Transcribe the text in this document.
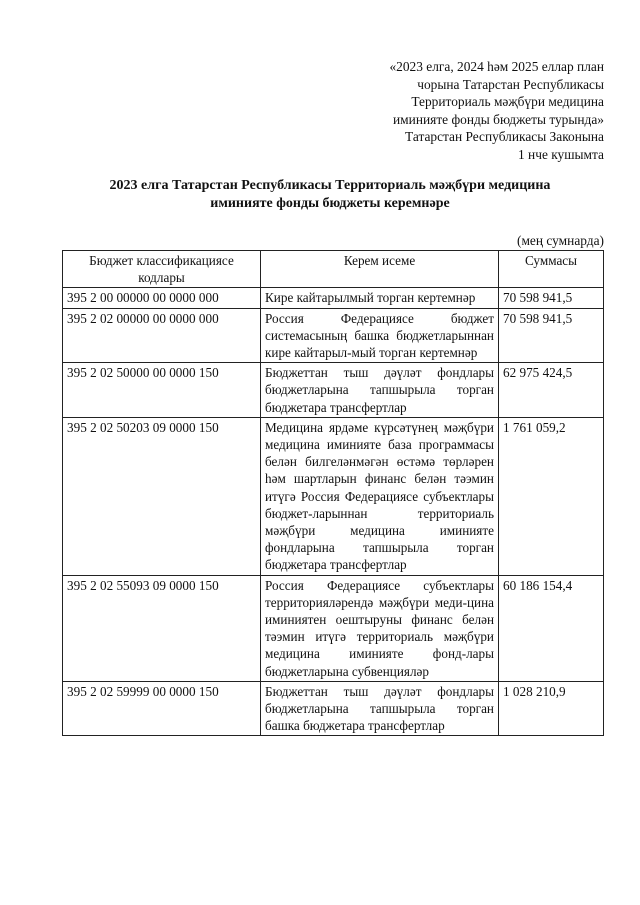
«2023 елга, 2024 һәм 2025 еллар план
чорына Татарстан Республикасы
Территориаль мәҗбүри медицина
иминияте фонды бюджеты турында»
Татарстан Республикасы Законына
1 нче кушымта
2023 елга Татарстан Республикасы Территориаль мәҗбүри медицина
иминияте фонды бюджеты керемнәре
(мең сумнарда)
Бюджет классификациясе кодлары	Керем исеме	Суммасы
395 2 00 00000 00 0000 000	Кире кайтарылмый торган кертемнәр	70 598 941,5
395 2 02 00000 00 0000 000	Россия Федерациясе бюджет системасының башка бюджетларыннан кире кайтарыл-мый торган кертемнәр	70 598 941,5
395 2 02 50000 00 0000 150	Бюджеттан тыш дәүләт фондлары бюджетларына тапшырыла торган бюджетара трансфертлар	62 975 424,5
395 2 02 50203 09 0000 150	Медицина ярдәме күрсәтүнең мәҗбүри медицина иминияте база программасы белән билгеләнмәгән өстәмә төрләрен һәм шартларын финанс белән тәэмин итүгә Россия Федерациясе субъектлары бюджет-ларыннан территориаль мәҗбүри медицина иминияте фондларына тапшырыла торган бюджетара трансфертлар	1 761 059,2
395 2 02 55093 09 0000 150	Россия Федерациясе субъектлары территорияләрендә мәҗбүри меди-цина иминиятен оештыруны финанс белән тәэмин итүгә территориаль мәҗбүри медицина иминияте фонд-лары бюджетларына субвенцияләр	60 186 154,4
395 2 02 59999 00 0000 150	Бюджеттан тыш дәүләт фондлары бюджетларына тапшырыла торган башка бюджетара трансфертлар	1 028 210,9
